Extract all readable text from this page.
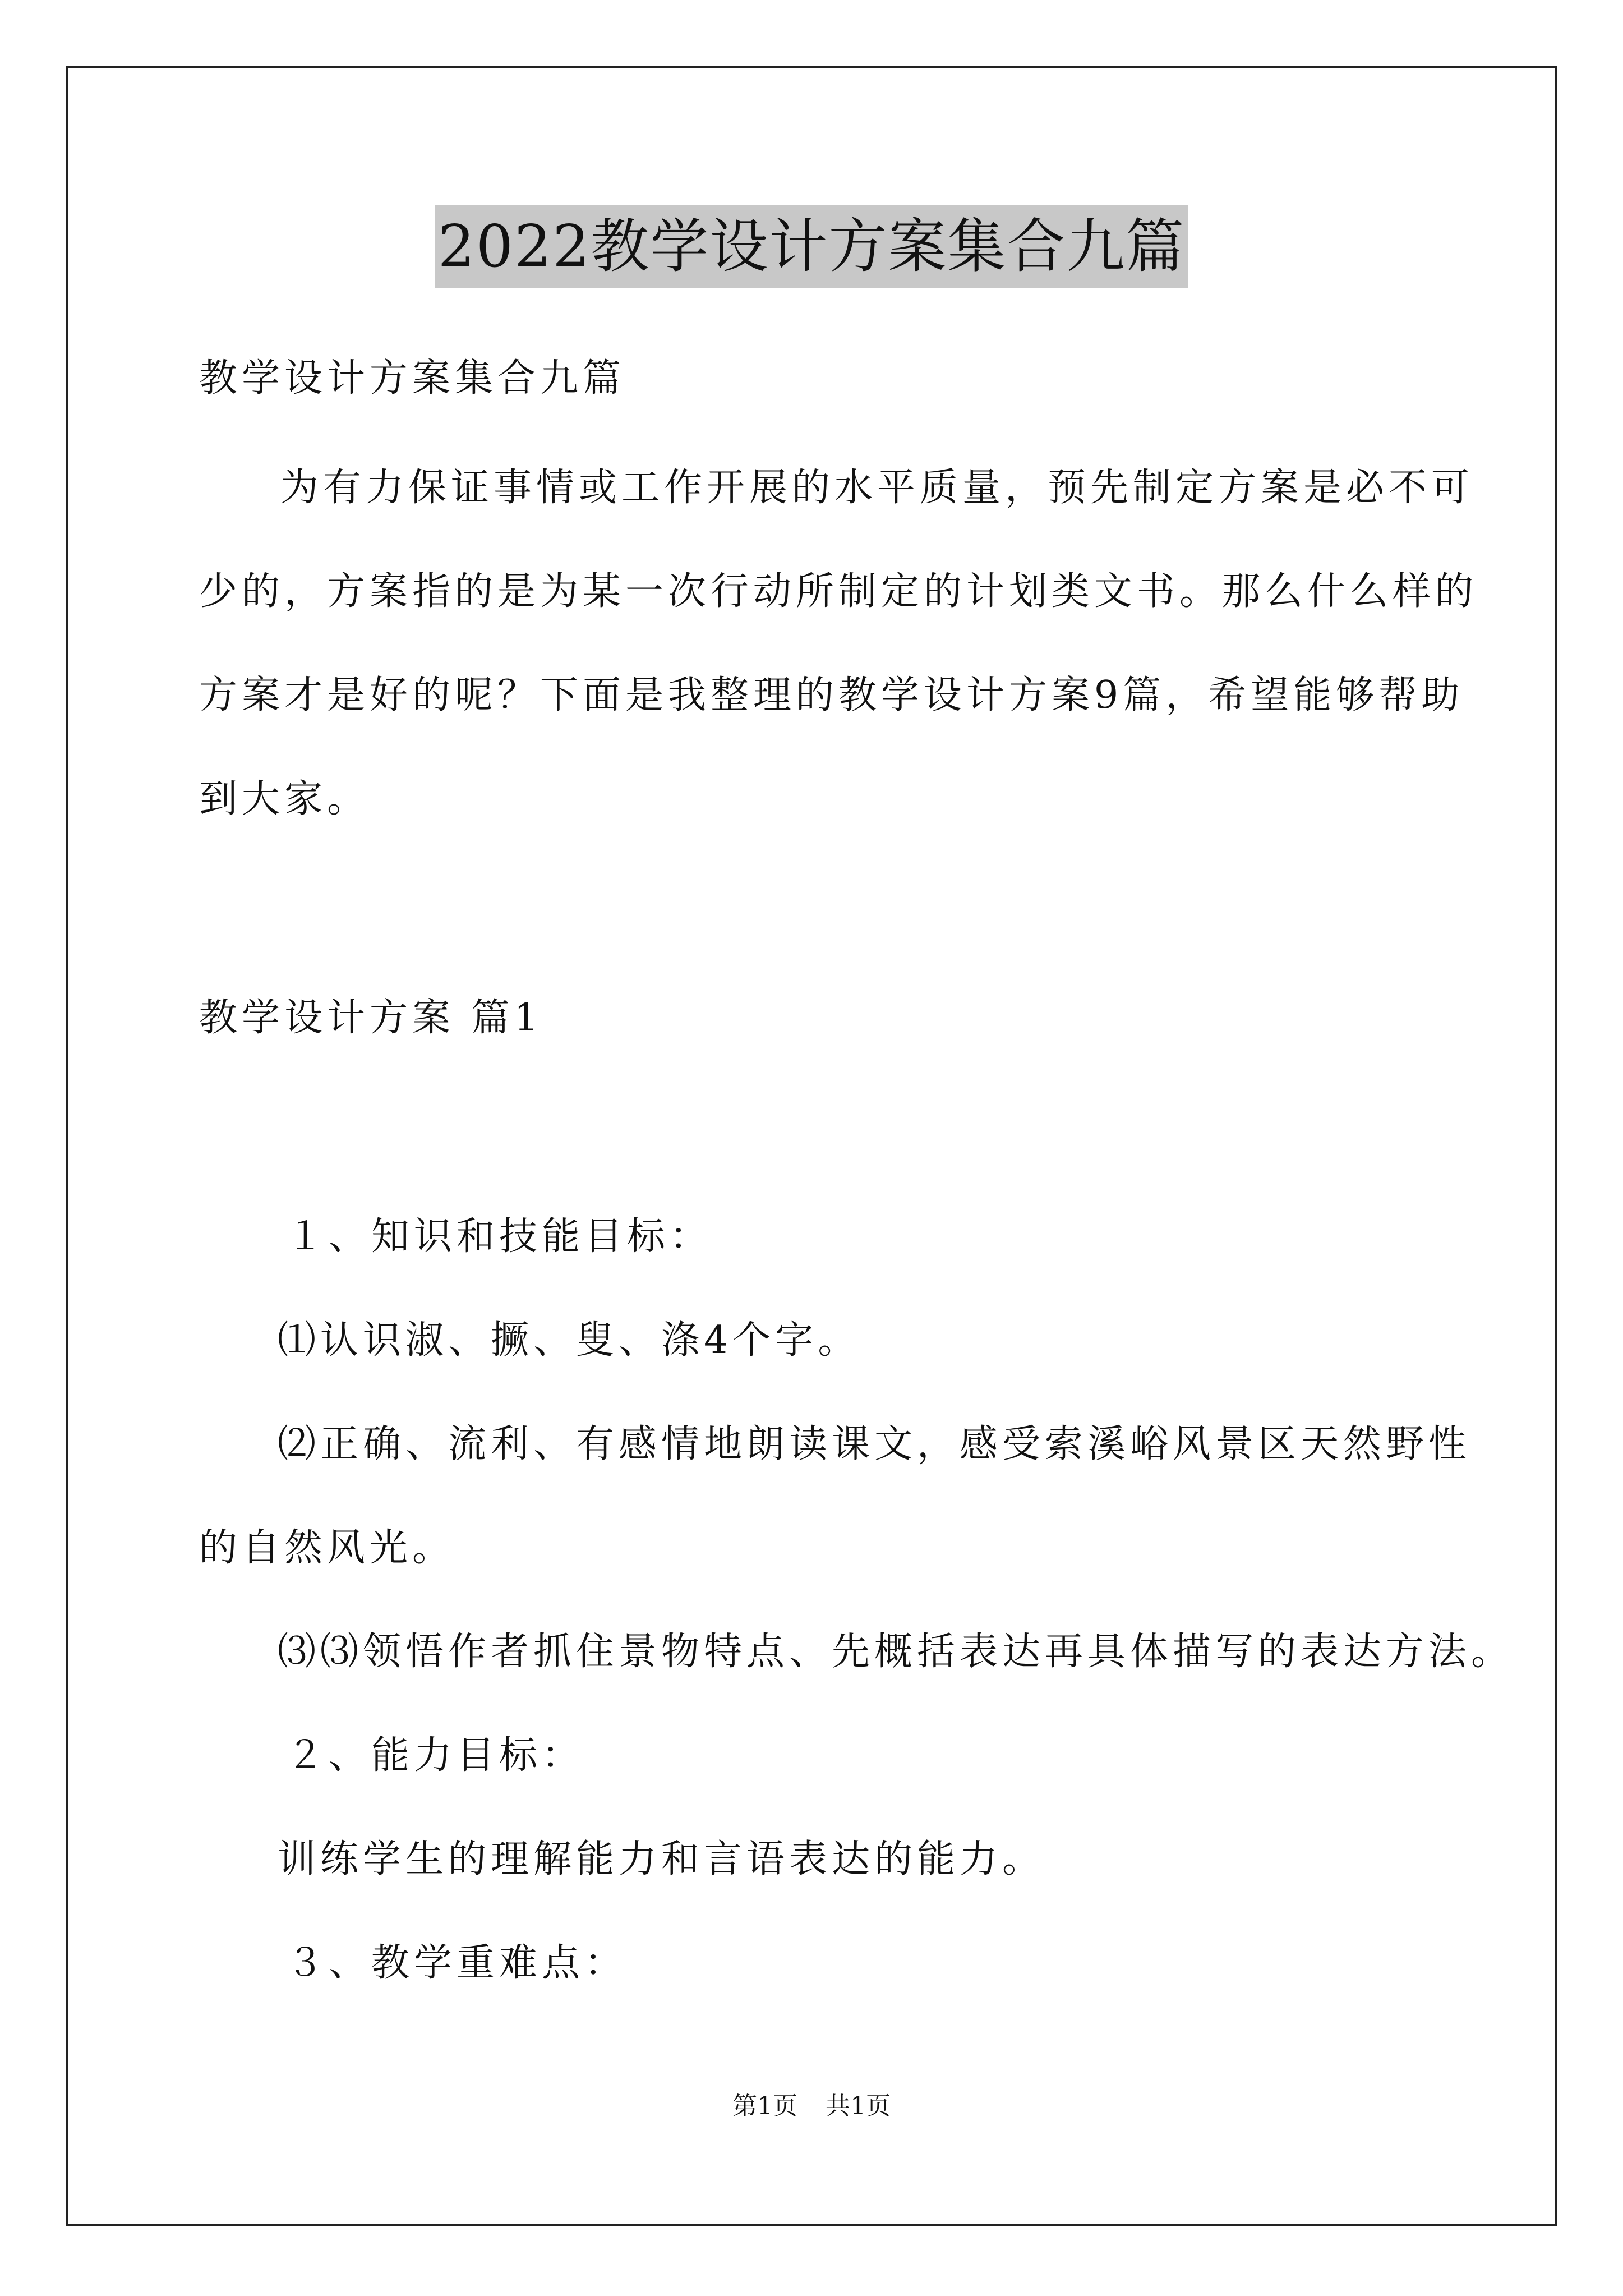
2022教学设计方案集合九篇
教学设计方案集合九篇
为有力保证事情或工作开展的水平质量，预先制定方案是必不可
少的，方案指的是为某一次行动所制定的计划类文书。那么什么样的
方案才是好的呢？下面是我整理的教学设计方案9篇，希望能够帮助
到大家。
教学设计方案 篇1
１、知识和技能目标：
⑴认识淑、撅、叟、涤4个字。
⑵正确、流利、有感情地朗读课文，感受索溪峪风景区天然野性
的自然风光。
⑶⑶领悟作者抓住景物特点、先概括表达再具体描写的表达方法。
２、能力目标：
训练学生的理解能力和言语表达的能力。
３、教学重难点：
第1页 共1页
